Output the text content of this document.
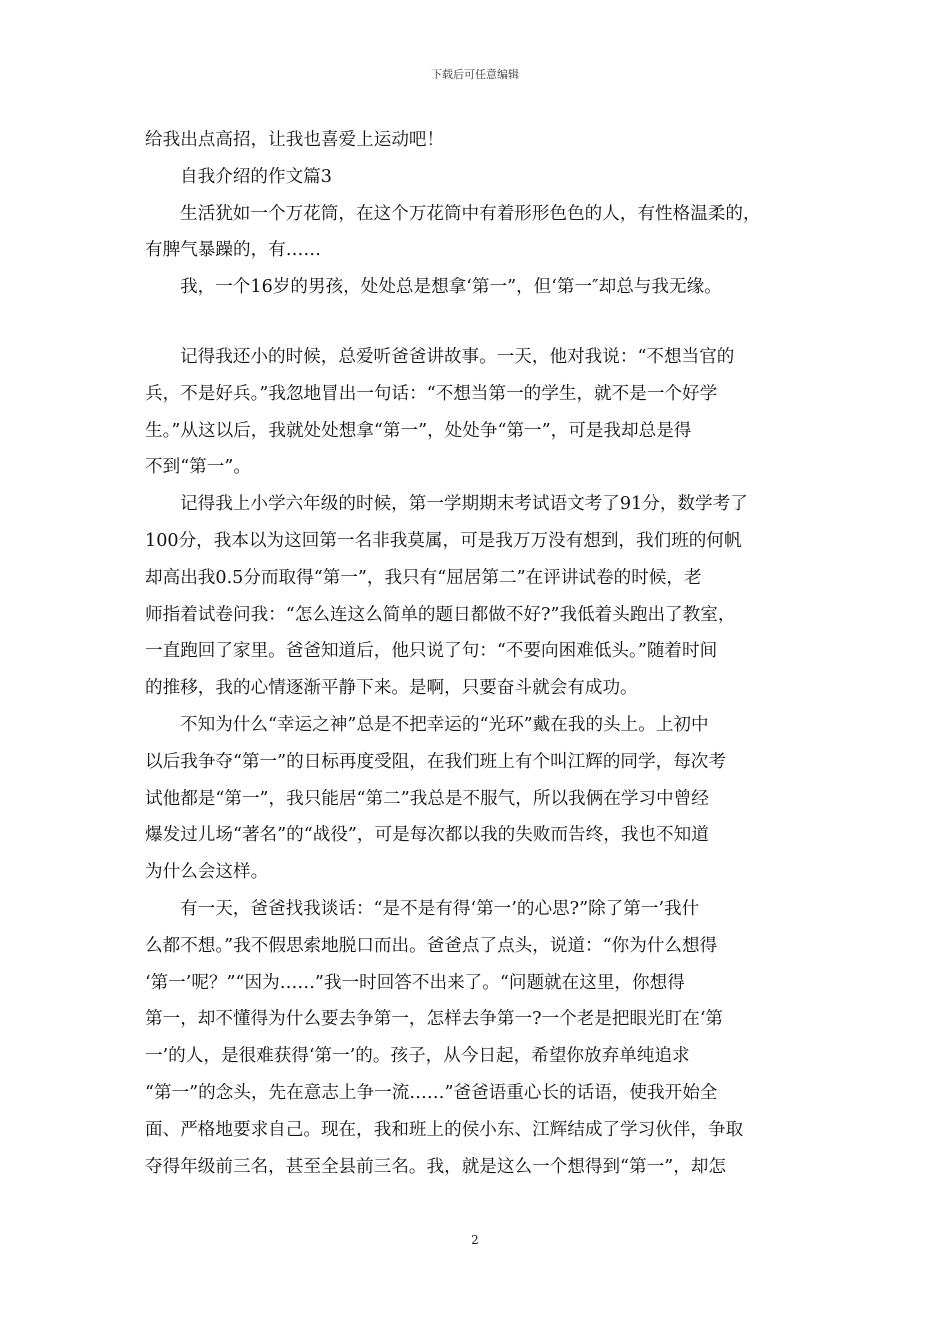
下载后可任意编辑
给我出点高招，让我也喜爱上运动吧！
自我介绍的作文篇3
生活犹如一个万花筒，在这个万花筒中有着形形色色的人，有性格温柔的，
有脾气暴躁的，有……
我，一个16岁的男孩，处处总是想拿‘第一”，但‘第一″却总与我无缘。
记得我还小的时候，总爱听爸爸讲故事。一天，他对我说：“不想当官的
兵，不是好兵。”我忽地冒出一句话：“不想当第一的学生，就不是一个好学
生。”从这以后，我就处处想拿“第一”，处处争“第一”，可是我却总是得
不到“第一”。
记得我上小学六年级的时候，第一学期期末考试语文考了91分，数学考了
100分，我本以为这回第一名非我莫属，可是我万万没有想到，我们班的何帆
却高出我0.5分而取得“第一”，我只有“屈居第二”在评讲试卷的时候，老
师指着试卷问我：“怎么连这么简单的题日都做不好?”我低着头跑出了教室，
一直跑回了家里。爸爸知道后，他只说了句：“不要向困难低头。”随着时间
的推移，我的心情逐渐平静下来。是啊，只要奋斗就会有成功。
不知为什么“幸运之神”总是不把幸运的“光环”戴在我的头上。上初中
以后我争夺“第一”的日标再度受阻，在我们班上有个叫江辉的同学，每次考
试他都是“第一”，我只能居“第二”我总是不服气，所以我俩在学习中曾经
爆发过儿场“著名”的“战役”，可是每次都以我的失败而告终，我也不知道
为什么会这样。
有一天，爸爸找我谈话：“是不是有得‘第一’的心思?”除了第一’我什
么都不想。”我不假思索地脱口而出。爸爸点了点头，说道：“你为什么想得
‘第一’呢？”“因为……”我一时回答不出来了。“问题就在这里，你想得
第一，却不懂得为什么要去争第一，怎样去争第一?一个老是把眼光盯在‘第
一’的人，是很难获得‘第一’的。孩子，从今日起，希望你放弃单纯追求
“第一”的念头，先在意志上争一流……”爸爸语重心长的话语，使我开始全
面、严格地要求自己。现在，我和班上的侯小东、江辉结成了学习伙伴，争取
夺得年级前三名，甚至全县前三名。我，就是这么一个想得到“第一”，却怎
2
